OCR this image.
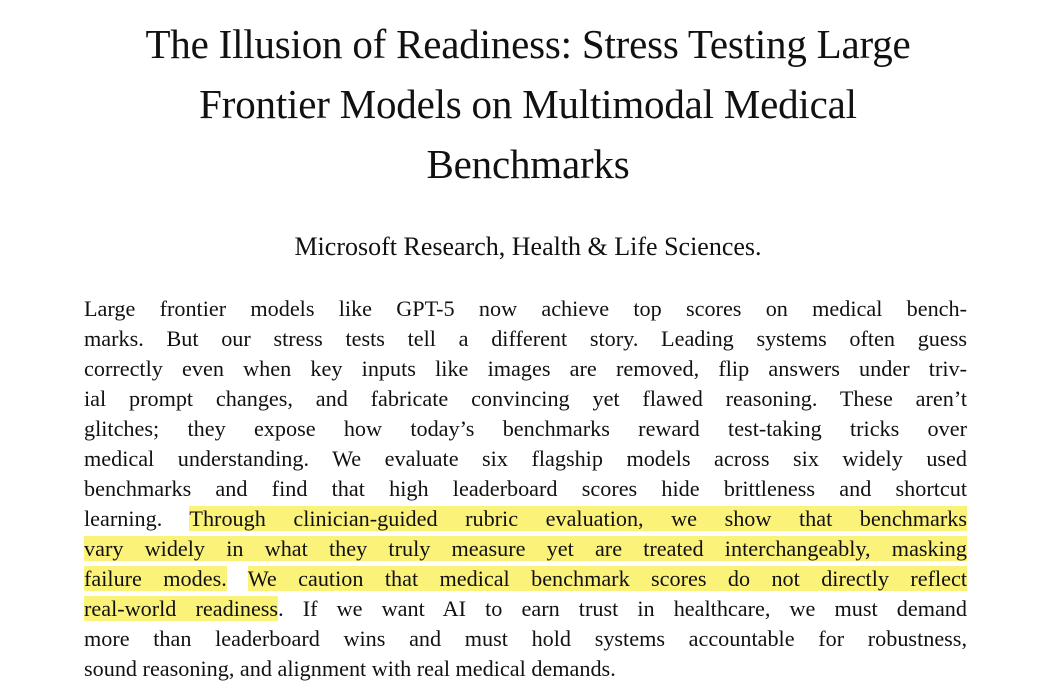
The Illusion of Readiness: Stress Testing Large
Frontier Models on Multimodal Medical
Benchmarks
Microsoft Research, Health & Life Sciences.
Large frontier models like GPT-5 now achieve top scores on medical bench-
marks. But our stress tests tell a different story. Leading systems often guess
correctly even when key inputs like images are removed, flip answers under triv-
ial prompt changes, and fabricate convincing yet flawed reasoning. These aren’t
glitches; they expose how today’s benchmarks reward test-taking tricks over
medical understanding. We evaluate six flagship models across six widely used
benchmarks and find that high leaderboard scores hide brittleness and shortcut
learning. Through clinician-guided rubric evaluation, we show that benchmarks
vary widely in what they truly measure yet are treated interchangeably, masking
failure modes. We caution that medical benchmark scores do not directly reflect
real-world readiness. If we want AI to earn trust in healthcare, we must demand
more than leaderboard wins and must hold systems accountable for robustness,
sound reasoning, and alignment with real medical demands.
